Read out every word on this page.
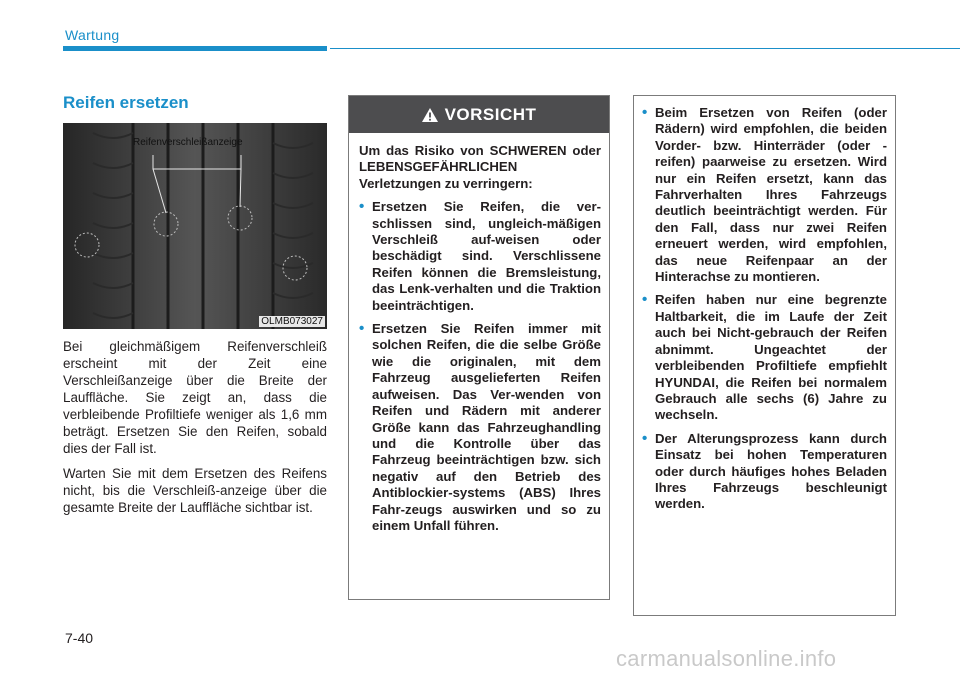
Wartung
Reifen ersetzen
Reifenverschleißanzeige
OLMB073027

Bei gleichmäßigem Reifenverschleiß erscheint mit der Zeit eine Verschleißanzeige über die Breite der Lauffläche. Sie zeigt an, dass die verbleibende Profiltiefe weniger als 1,6 mm beträgt. Ersetzen Sie den Reifen, sobald dies der Fall ist.

Warten Sie mit dem Ersetzen des Reifens nicht, bis die Verschleiß-anzeige über die gesamte Breite der Lauffläche sichtbar ist.

VORSICHT

Um das Risiko von SCHWEREN oder LEBENSGEFÄHRLICHEN Verletzungen zu verringern:

• Ersetzen Sie Reifen, die ver-schlissen sind, ungleich-mäßigen Verschleiß auf-weisen oder beschädigt sind. Verschlissene Reifen können die Bremsleistung, das Lenk-verhalten und die Traktion beeinträchtigen.
• Ersetzen Sie Reifen immer mit solchen Reifen, die die selbe Größe wie die originalen, mit dem Fahrzeug ausgelieferten Reifen aufweisen. Das Ver-wenden von Reifen und Rädern mit anderer Größe kann das Fahrzeughandling und die Kontrolle über das Fahrzeug beeinträchtigen bzw. sich negativ auf den Betrieb des Antiblockier-systems (ABS) Ihres Fahr-zeugs auswirken und so zu einem Unfall führen.
• Beim Ersetzen von Reifen (oder Rädern) wird empfohlen, die beiden Vorder- bzw. Hinterräder (oder -reifen) paarweise zu ersetzen. Wird nur ein Reifen ersetzt, kann das Fahrverhalten Ihres Fahrzeugs deutlich beeinträchtigt werden. Für den Fall, dass nur zwei Reifen erneuert werden, wird empfohlen, das neue Reifenpaar an der Hinterachse zu montieren.
• Reifen haben nur eine begrenzte Haltbarkeit, die im Laufe der Zeit auch bei Nicht-gebrauch der Reifen abnimmt. Ungeachtet der verbleibenden Profiltiefe empfiehlt HYUNDAI, die Reifen bei normalem Gebrauch alle sechs (6) Jahre zu wechseln.
• Der Alterungsprozess kann durch Einsatz bei hohen Temperaturen oder durch häufiges hohes Beladen Ihres Fahrzeugs beschleunigt werden.
7-40
carmanualsonline.info
